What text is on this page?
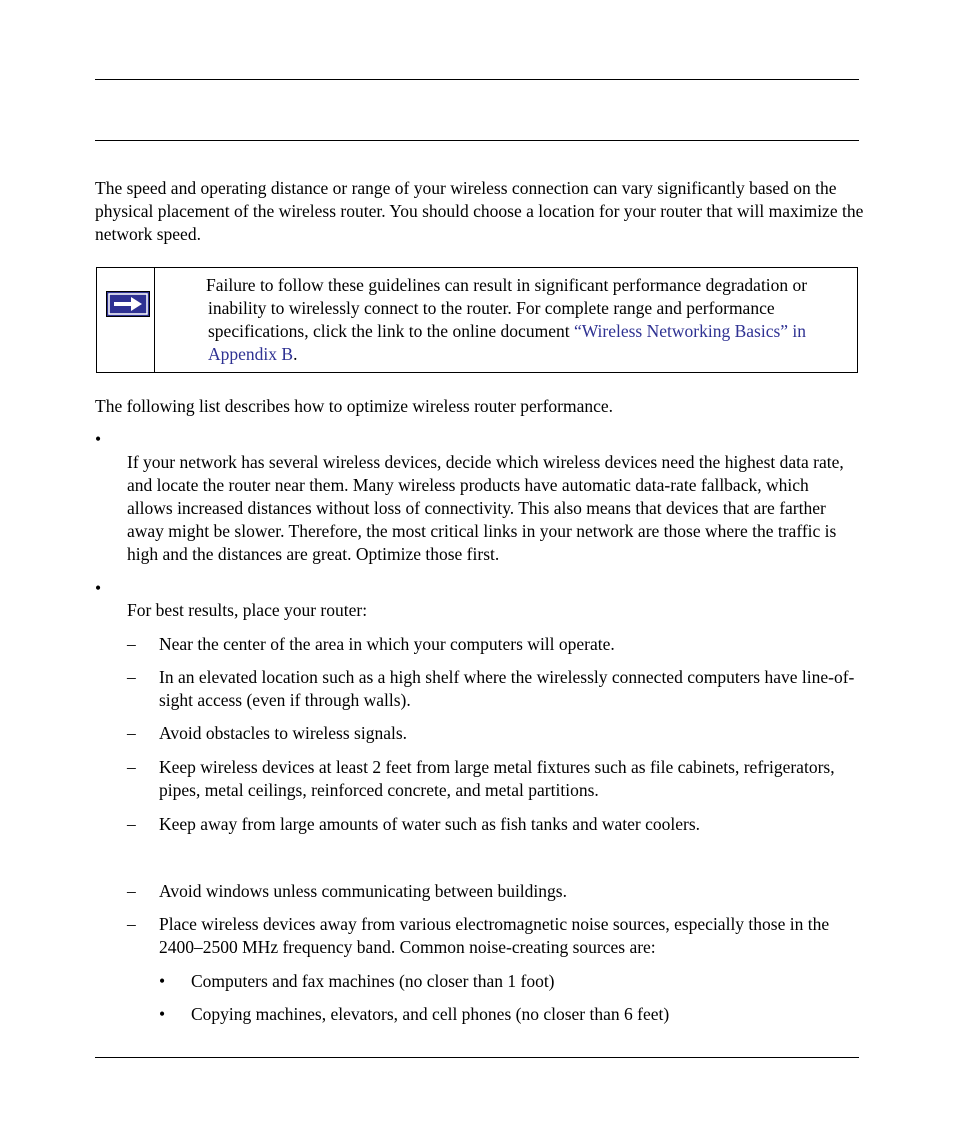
The speed and operating distance or range of your wireless connection can vary significantly based on the physical placement of the wireless router. You should choose a location for your router that will maximize the network speed.

Failure to follow these guidelines can result in significant performance degradation or inability to wirelessly connect to the router. For complete range and performance specifications, click the link to the online document “Wireless Networking Basics” in Appendix B.

The following list describes how to optimize wireless router performance.

•

If your network has several wireless devices, decide which wireless devices need the highest data rate, and locate the router near them. Many wireless products have automatic data-rate fallback, which allows increased distances without loss of connectivity. This also means that devices that are farther away might be slower. Therefore, the most critical links in your network are those where the traffic is high and the distances are great. Optimize those first.

•

For best results, place your router:

– Near the center of the area in which your computers will operate.

– In an elevated location such as a high shelf where the wirelessly connected computers have line-of-sight access (even if through walls).

– Avoid obstacles to wireless signals.

– Keep wireless devices at least 2 feet from large metal fixtures such as file cabinets, refrigerators, pipes, metal ceilings, reinforced concrete, and metal partitions.

– Keep away from large amounts of water such as fish tanks and water coolers.

– Avoid windows unless communicating between buildings.

– Place wireless devices away from various electromagnetic noise sources, especially those in the 2400–2500 MHz frequency band. Common noise-creating sources are:

• Computers and fax machines (no closer than 1 foot)

• Copying machines, elevators, and cell phones (no closer than 6 feet)
